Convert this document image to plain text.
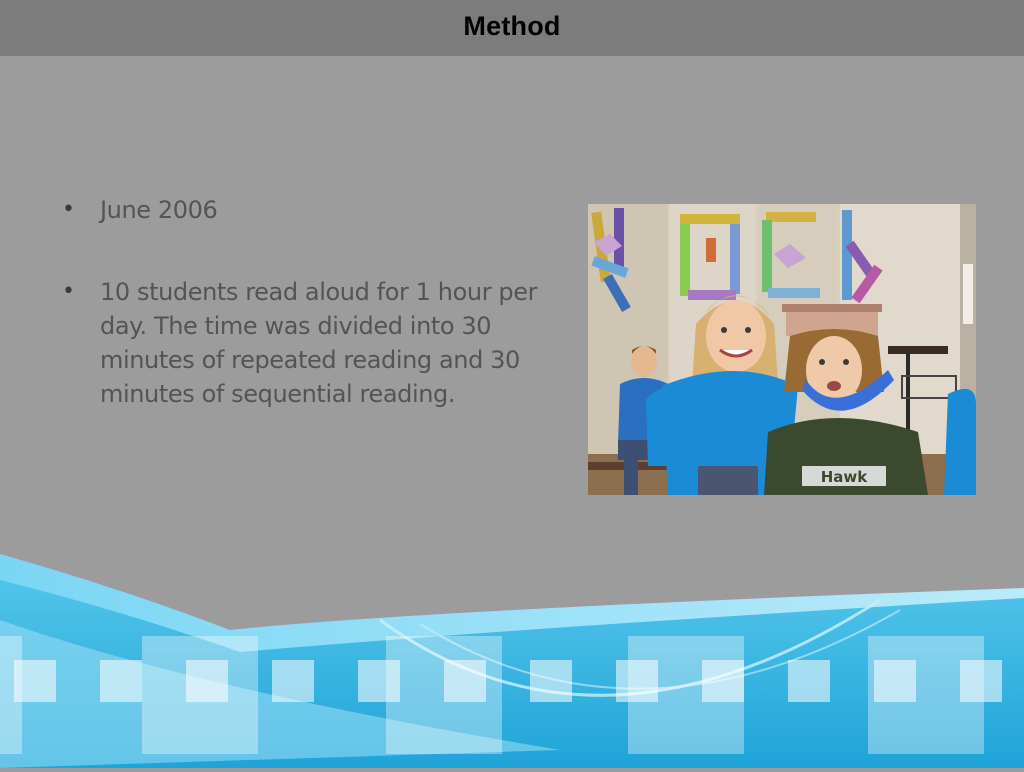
Method
• June 2006
• 10 students read aloud for 1 hour per day. The time was divided into 30 minutes of repeated reading and 30 minutes of sequential reading.
Hawk
